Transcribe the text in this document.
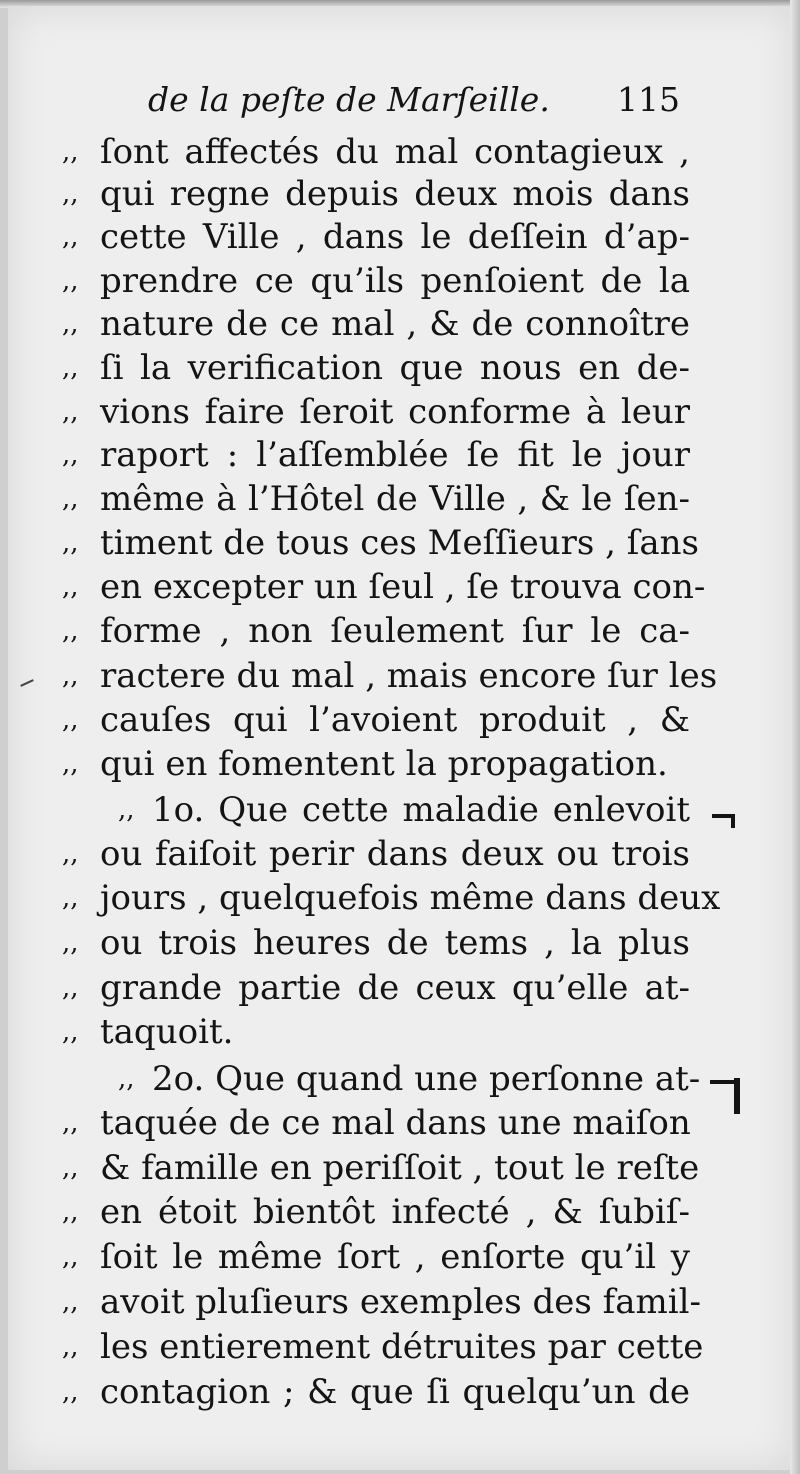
de la peſte de Marſeille. 115
,, ſont affectés du mal contagieux ,
,, qui regne depuis deux mois dans
,, cette Ville , dans le deſſein d’ap-
,, prendre ce qu’ils penſoient de la
,, nature de ce mal , & de connoître
,, ſi la verification que nous en de-
,, vions faire ſeroit conforme à leur
,, raport : l’aſſemblée ſe fit le jour
,, même à l’Hôtel de Ville , & le ſen-
,, timent de tous ces Meſſieurs , ſans
,, en excepter un ſeul , ſe trouva con-
,, forme , non ſeulement ſur le ca-
,, ractere du mal , mais encore ſur les
,, cauſes qui l’avoient produit , &
,, qui en fomentent la propagation.
,, 1o. Que cette maladie enlevoit
,, ou faiſoit perir dans deux ou trois
,, jours , quelquefois même dans deux
,, ou trois heures de tems , la plus
,, grande partie de ceux qu’elle at-
,, taquoit.
,, 2o. Que quand une perſonne at-
,, taquée de ce mal dans une maiſon
,, & famille en periſſoit , tout le reſte
,, en étoit bientôt infecté , & ſubiſ-
,, ſoit le même ſort , enſorte qu’il y
,, avoit pluſieurs exemples des famil-
,, les entierement détruites par cette
,, contagion ; & que ſi quelqu’un de
